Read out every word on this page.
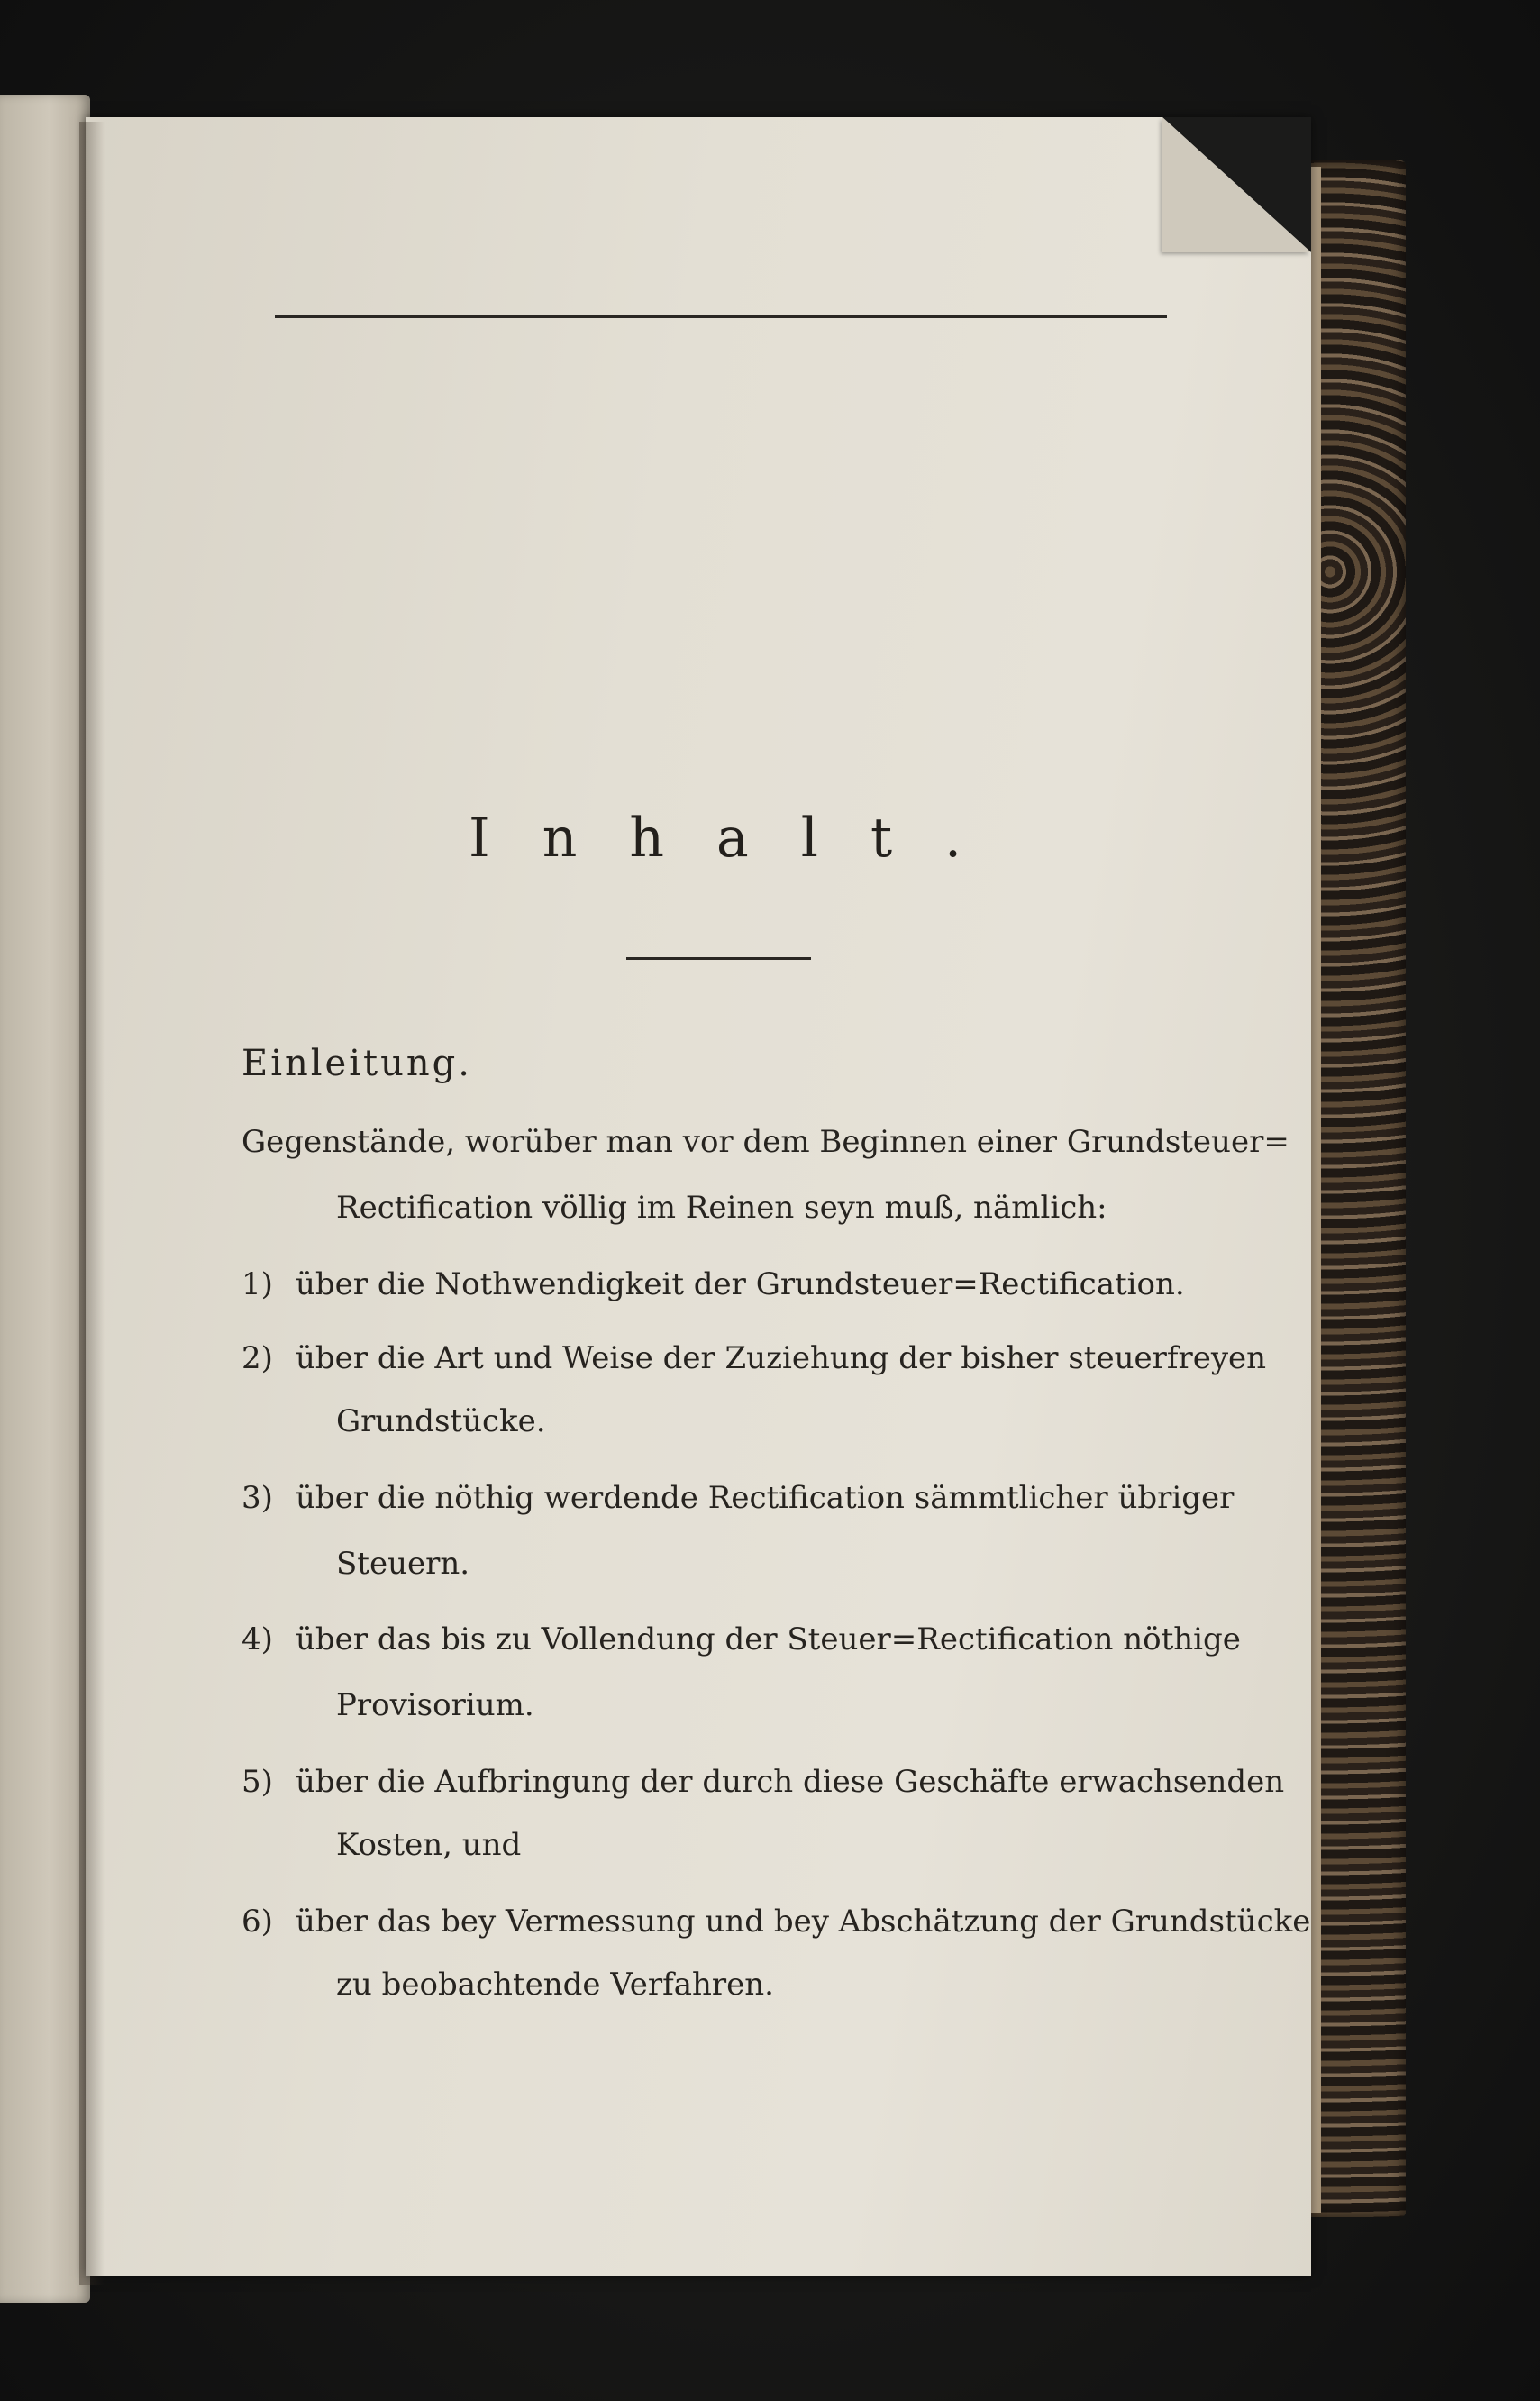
Inhalt.
Einleitung.
Gegenstände, worüber man vor dem Beginnen einer Grundsteuer=
Rectification völlig im Reinen seyn muß, nämlich:
1) über die Nothwendigkeit der Grundsteuer=Rectification.
2) über die Art und Weise der Zuziehung der bisher steuerfreyen
Grundstücke.
3) über die nöthig werdende Rectification sämmtlicher übriger
Steuern.
4) über das bis zu Vollendung der Steuer=Rectification nöthige
Provisorium.
5) über die Aufbringung der durch diese Geschäfte erwachsenden
Kosten, und
6) über das bey Vermessung und bey Abschätzung der Grundstücke
zu beobachtende Verfahren.
